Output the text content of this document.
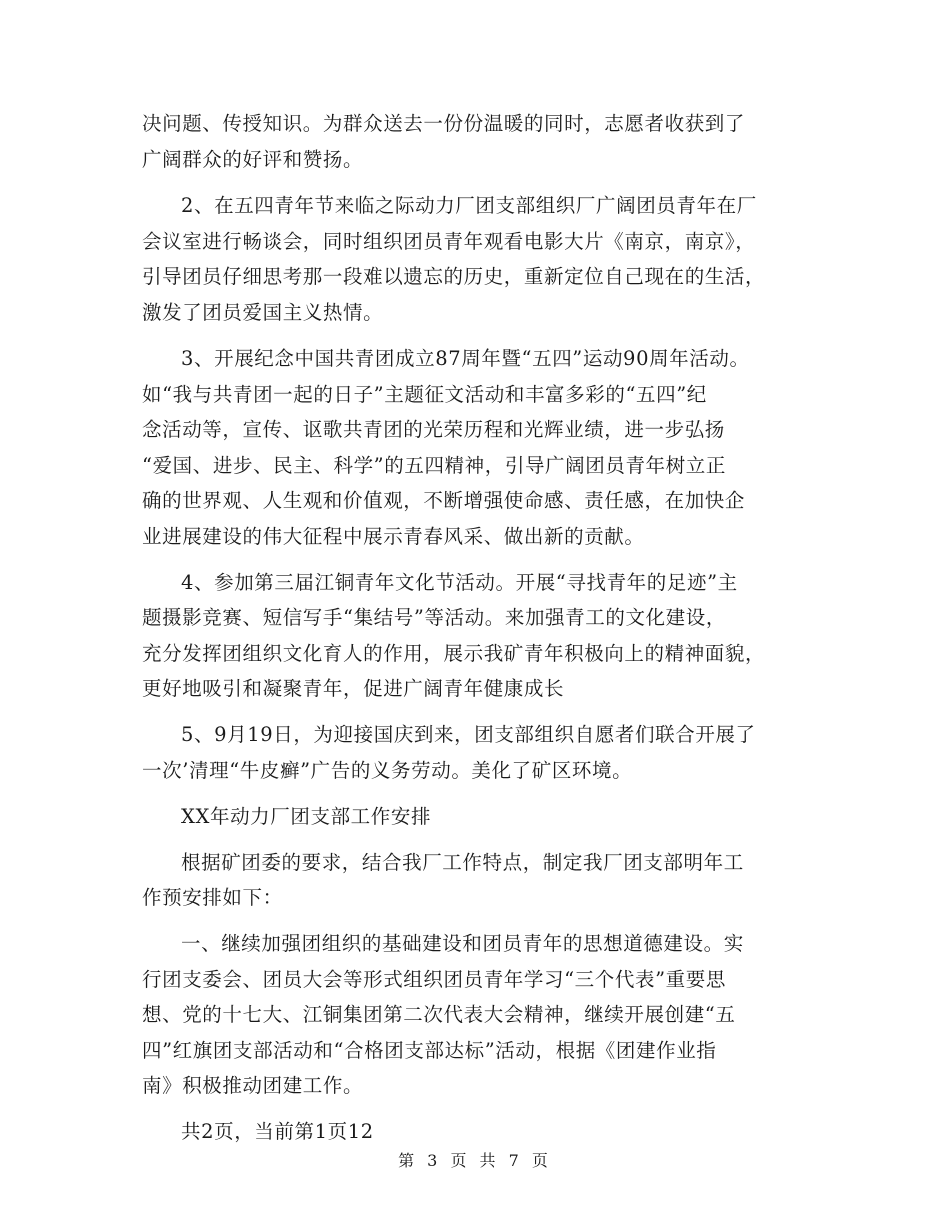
决问题、传授知识。为群众送去一份份温暖的同时，志愿者收获到了
广阔群众的好评和赞扬。
2、在五四青年节来临之际动力厂团支部组织厂广阔团员青年在厂
会议室进行畅谈会，同时组织团员青年观看电影大片《南京，南京》，
引导团员仔细思考那一段难以遗忘的历史，重新定位自己现在的生活，
激发了团员爱国主义热情。
3、开展纪念中国共青团成立87周年暨“五四”运动90周年活动。
如“我与共青团一起的日子”主题征文活动和丰富多彩的“五四”纪
念活动等，宣传、讴歌共青团的光荣历程和光辉业绩，进一步弘扬
“爱国、进步、民主、科学”的五四精神，引导广阔团员青年树立正
确的世界观、人生观和价值观，不断增强使命感、责任感，在加快企
业进展建设的伟大征程中展示青春风采、做出新的贡献。
4、参加第三届江铜青年文化节活动。开展“寻找青年的足迹”主
题摄影竞赛、短信写手“集结号”等活动。来加强青工的文化建设，
充分发挥团组织文化育人的作用，展示我矿青年积极向上的精神面貌，
更好地吸引和凝聚青年，促进广阔青年健康成长
5、9月19日，为迎接国庆到来，团支部组织自愿者们联合开展了
一次’清理“牛皮癣”广告的义务劳动。美化了矿区环境。
XX年动力厂团支部工作安排
根据矿团委的要求，结合我厂工作特点，制定我厂团支部明年工
作预安排如下：
一、继续加强团组织的基础建设和团员青年的思想道德建设。实
行团支委会、团员大会等形式组织团员青年学习“三个代表”重要思
想、党的十七大、江铜集团第二次代表大会精神，继续开展创建“五
四”红旗团支部活动和“合格团支部达标”活动，根据《团建作业指
南》积极推动团建工作。
共2页，当前第1页12
第 3 页 共 7 页
